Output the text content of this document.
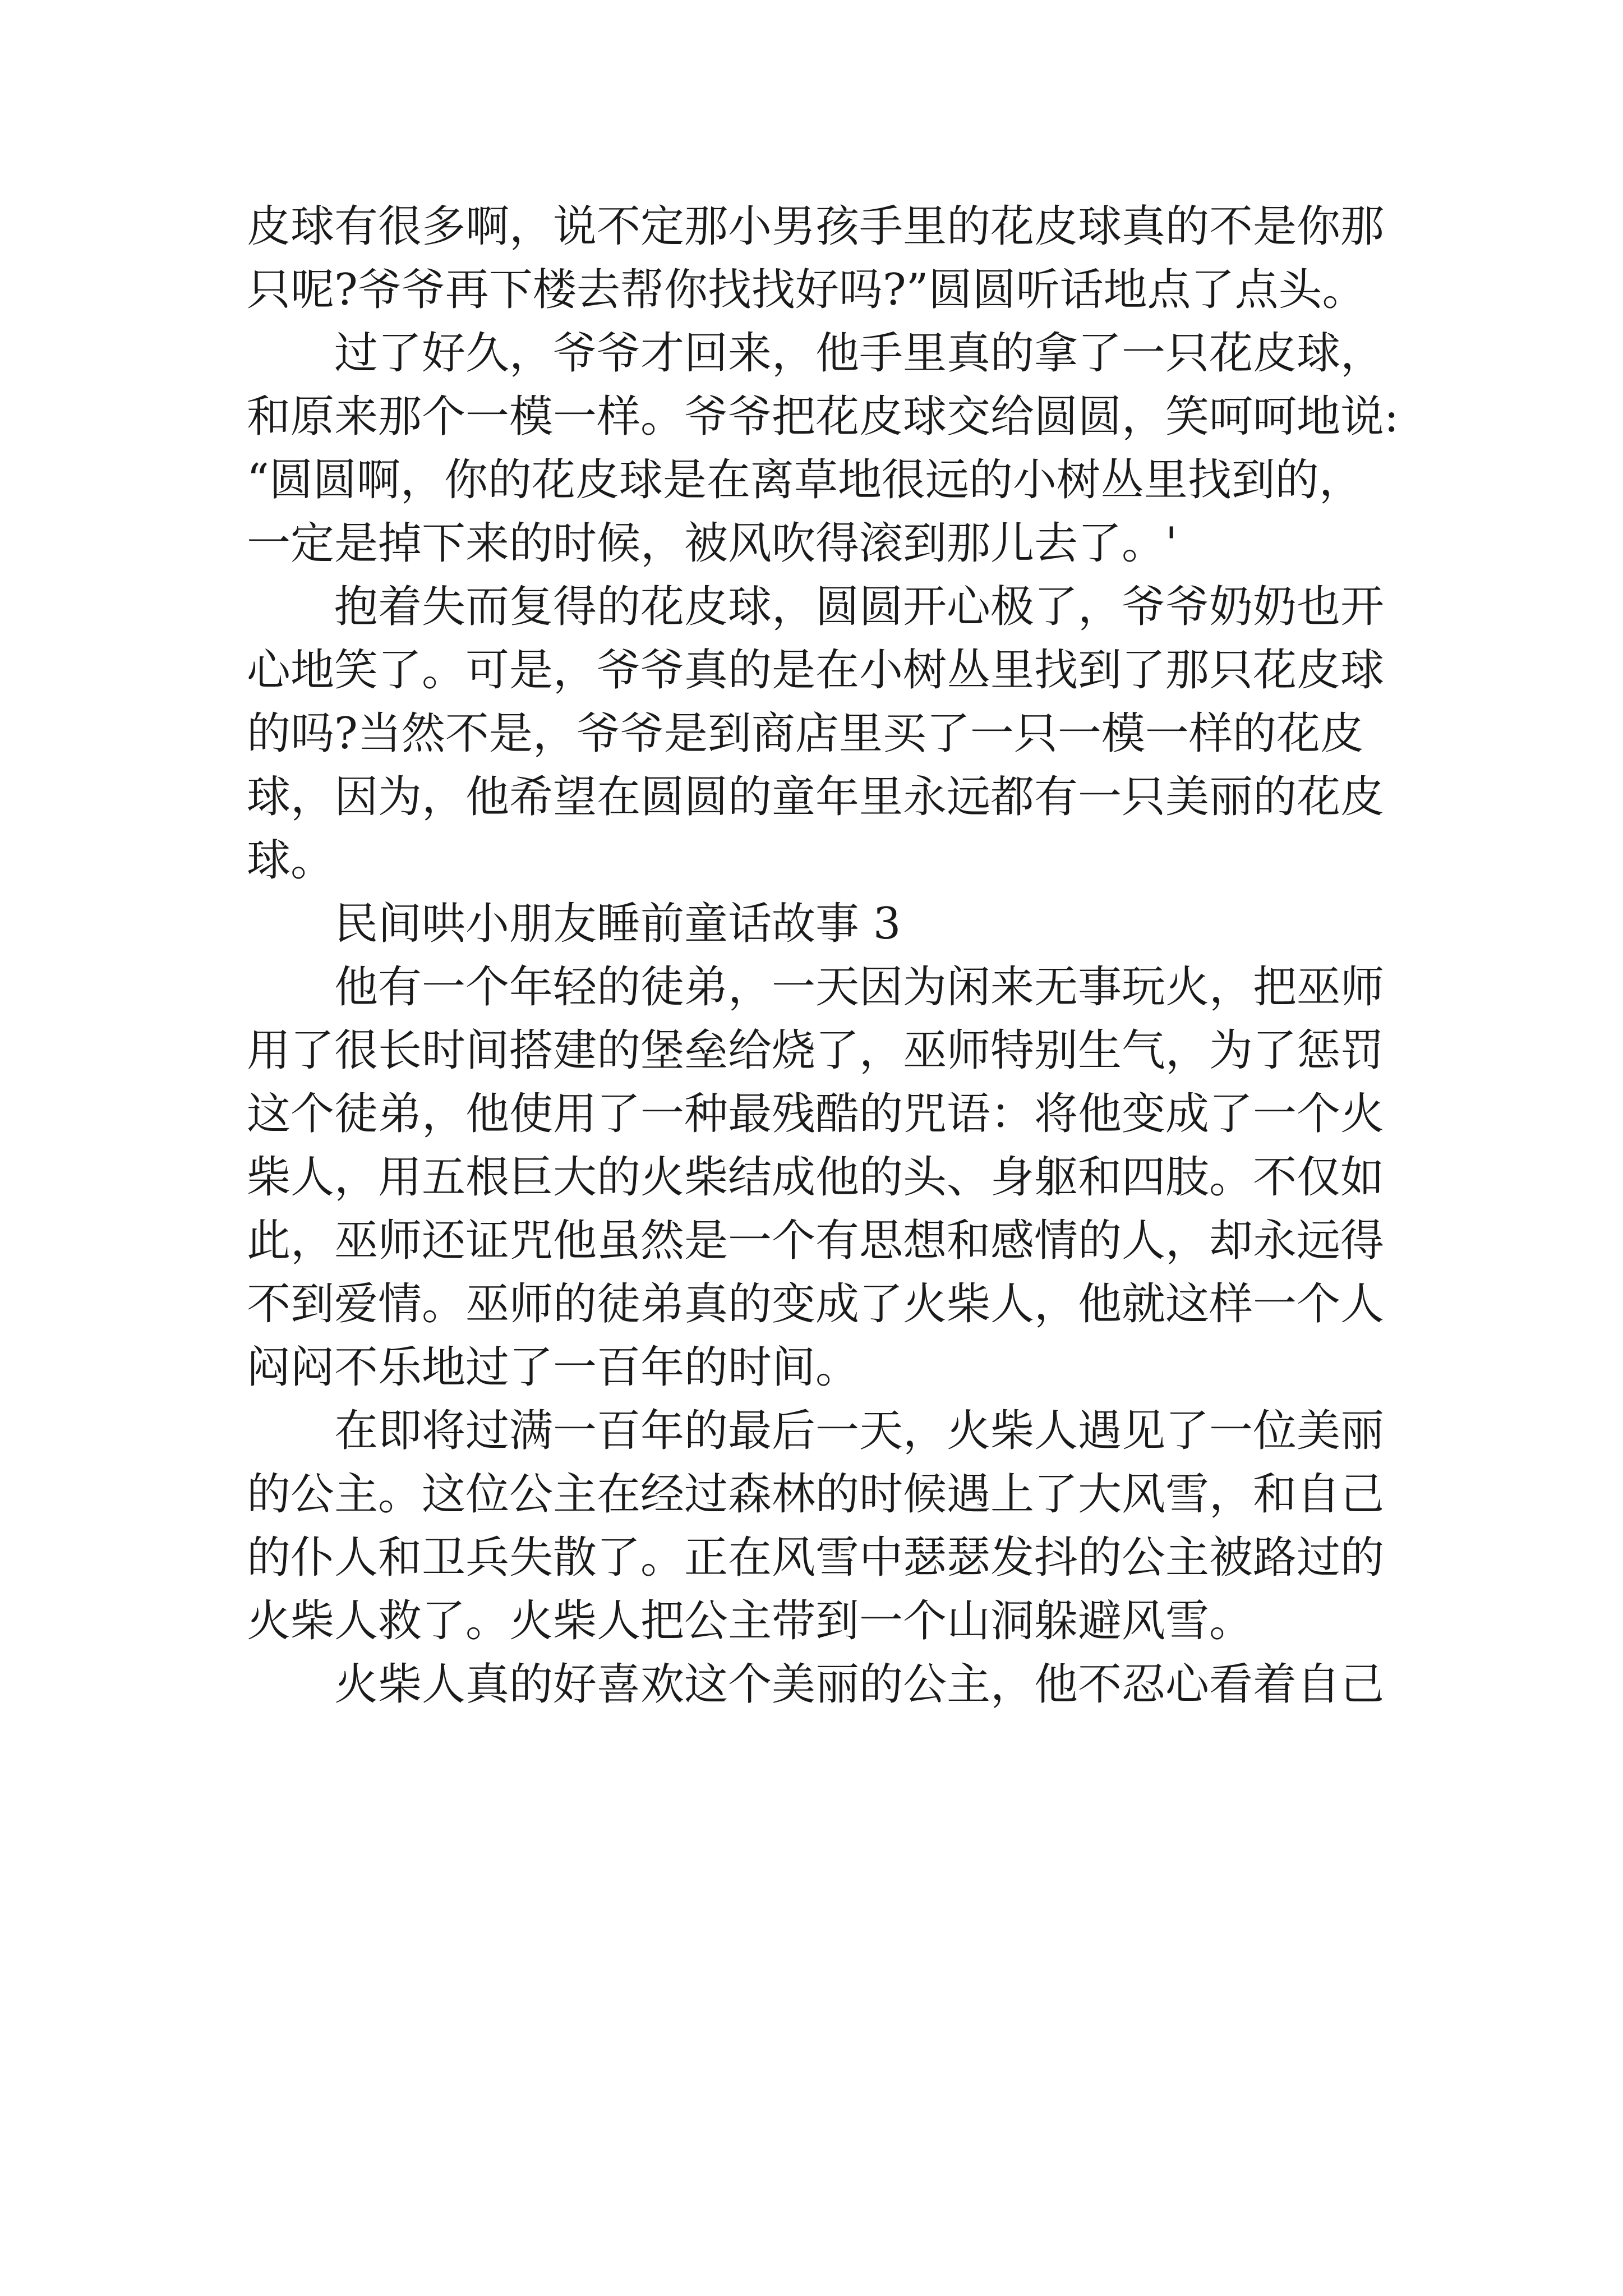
皮球有很多啊，说不定那小男孩手里的花皮球真的不是你那
只呢?爷爷再下楼去帮你找找好吗?”圆圆听话地点了点头。
过了好久，爷爷才回来，他手里真的拿了一只花皮球，
和原来那个一模一样。爷爷把花皮球交给圆圆，笑呵呵地说:
“圆圆啊，你的花皮球是在离草地很远的小树丛里找到的，
一定是掉下来的时候，被风吹得滚到那儿去了。'
抱着失而复得的花皮球，圆圆开心极了，爷爷奶奶也开
心地笑了。可是，爷爷真的是在小树丛里找到了那只花皮球
的吗?当然不是，爷爷是到商店里买了一只一模一样的花皮
球，因为，他希望在圆圆的童年里永远都有一只美丽的花皮
球。
民间哄小朋友睡前童话故事 3
他有一个年轻的徒弟，一天因为闲来无事玩火，把巫师
用了很长时间搭建的堡垒给烧了，巫师特别生气，为了惩罚
这个徒弟，他使用了一种最残酷的咒语：将他变成了一个火
柴人，用五根巨大的火柴结成他的头、身躯和四肢。不仅如
此，巫师还证咒他虽然是一个有思想和感情的人，却永远得
不到爱情。巫师的徒弟真的变成了火柴人，他就这样一个人
闷闷不乐地过了一百年的时间。
在即将过满一百年的最后一天，火柴人遇见了一位美丽
的公主。这位公主在经过森林的时候遇上了大风雪，和自己
的仆人和卫兵失散了。正在风雪中瑟瑟发抖的公主被路过的
火柴人救了。火柴人把公主带到一个山洞躲避风雪。
火柴人真的好喜欢这个美丽的公主，他不忍心看着自己
